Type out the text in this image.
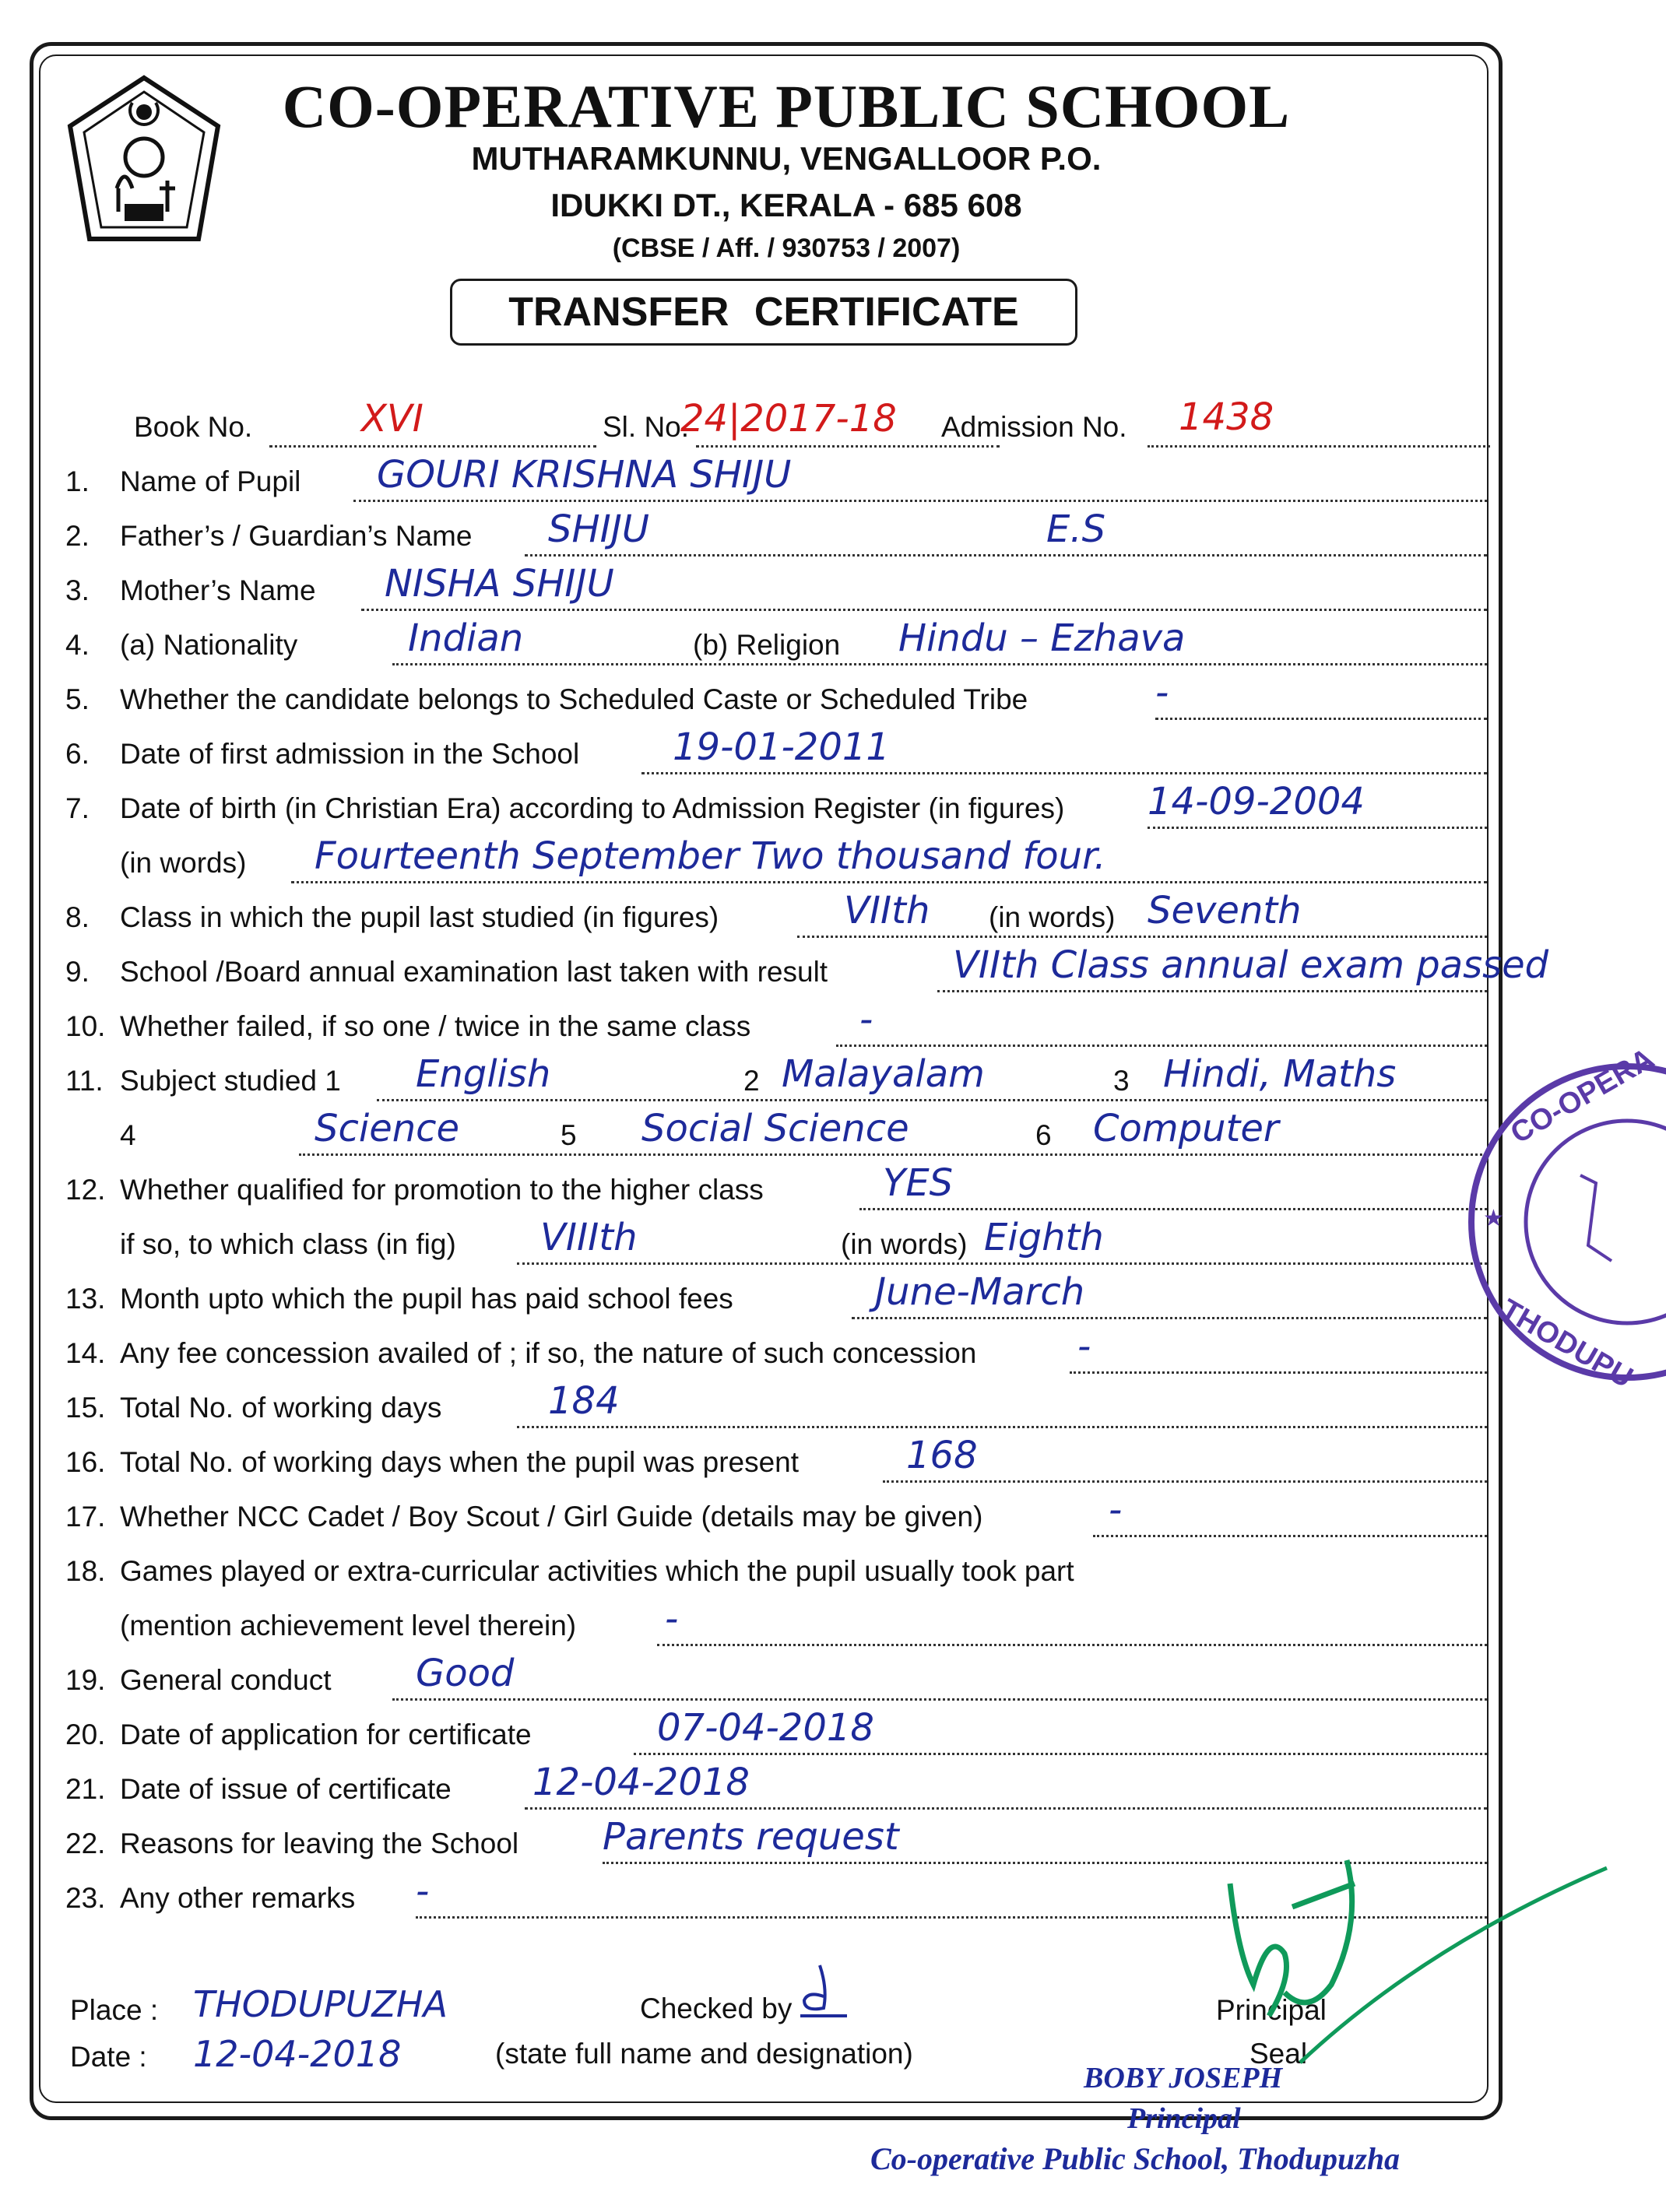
CO-OPERATIVE PUBLIC SCHOOL
MUTHARAMKUNNU, VENGALLOOR P.O.
IDUKKI DT., KERALA - 685 608
(CBSE / Aff. / 930753 / 2007)
TRANSFER CERTIFICATE
Book No.	XVI	Sl. No.
24|2017-18 Admission No. 1438
1.	Name of Pupil GOURI KRISHNA SHIJU
2.	Father’s / Guardian’s Name SHIJU	E.S
3.	Mother’s Name NISHA SHIJU
4.	(a) Nationality	Indian	(b) Religion Hindu – Ezhava
5.	Whether the candidate belongs to Scheduled Caste or Scheduled Tribe	-
6.	Date of first admission in the School 19-01-2011
7.	Date of birth (in Christian Era) according to Admission Register (in figures) 14-09-2004
(in words) Fourteenth September Two thousand four.
8.	Class in which the pupil last studied (in figures)	VIIth (in words) Seventh
9.	School /Board annual examination last taken with result	VIIth Class annual exam passed
10. Whether failed, if so one / twice in the same class	-
11. Subject studied 1 English	2 Malayalam	3 Hindi, Maths
4	Science	5 Social Science	6 Computer
12. Whether qualified for promotion to the higher class	YES
if so, to which class (in fig) VIIIth	(in words) Eighth
13. Month upto which the pupil has paid school fees	June-March
14. Any fee concession availed of ; if so, the nature of such concession	-
15. Total No. of working days	184
16. Total No. of working days when the pupil was present	168
17. Whether NCC Cadet / Boy Scout / Girl Guide (details may be given)	-
18. Games played or extra-curricular activities which the pupil usually took part
(mention achievement level therein) -
19. General conduct Good
20. Date of application for certificate	07-04-2018
21. Date of issue of certificate 12-04-2018
22. Reasons for leaving the School Parents request
23. Any other remarks -
CO-OPERA
THODUPU
★
Place : THODUPUZHA
Date : 12-04-2018
Checked by
(state full name and designation)
Principal
Seal
BOBY JOSEPH
Principal
Co-operative Public School, Thodupuzha
